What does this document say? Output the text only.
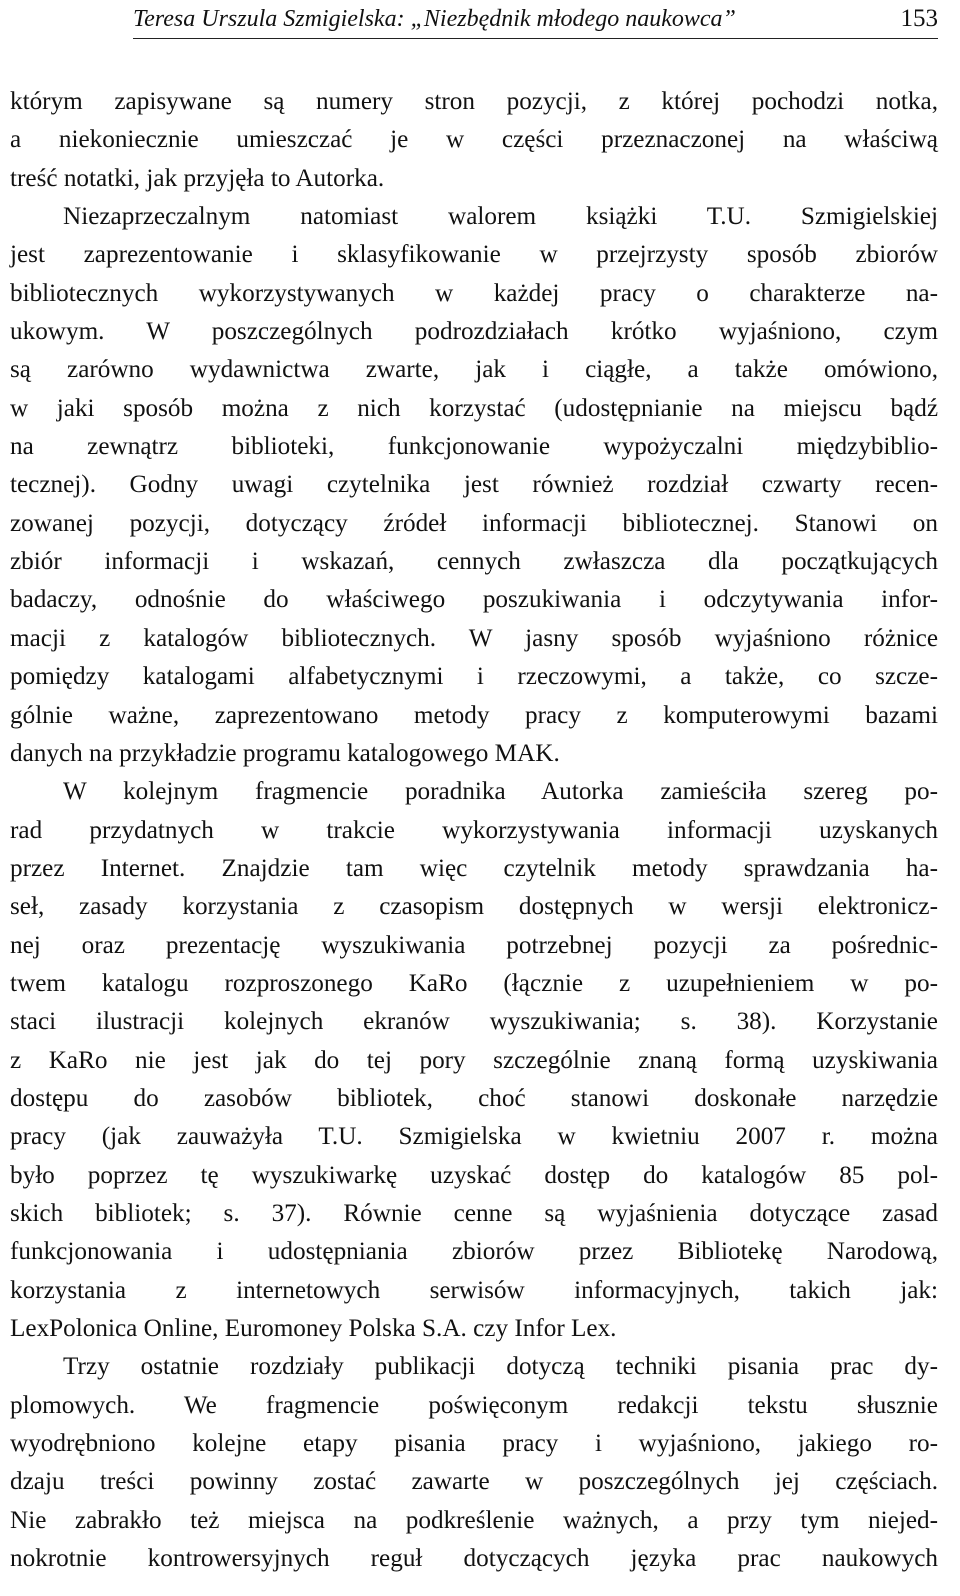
Teresa Urszula Szmigielska: „Niezbędnik młodego naukowca”	153

którym zapisywane są numery stron pozycji, z której pochodzi notka,
a niekoniecznie umieszczać je w części przeznaczonej na właściwą
treść notatki, jak przyjęła to Autorka.

Niezaprzeczalnym natomiast walorem książki T.U. Szmigielskiej
jest zaprezentowanie i sklasyfikowanie w przejrzysty sposób zbiorów
bibliotecznych wykorzystywanych w każdej pracy o charakterze na-
ukowym. W poszczególnych podrozdziałach krótko wyjaśniono, czym
są zarówno wydawnictwa zwarte, jak i ciągłe, a także omówiono,
w jaki sposób można z nich korzystać (udostępnianie na miejscu bądź
na zewnątrz biblioteki, funkcjonowanie wypożyczalni międzybiblio-
tecznej). Godny uwagi czytelnika jest również rozdział czwarty recen-
zowanej pozycji, dotyczący źródeł informacji bibliotecznej. Stanowi on
zbiór informacji i wskazań, cennych zwłaszcza dla początkujących
badaczy, odnośnie do właściwego poszukiwania i odczytywania infor-
macji z katalogów bibliotecznych. W jasny sposób wyjaśniono różnice
pomiędzy katalogami alfabetycznymi i rzeczowymi, a także, co szcze-
gólnie ważne, zaprezentowano metody pracy z komputerowymi bazami
danych na przykładzie programu katalogowego MAK.

W kolejnym fragmencie poradnika Autorka zamieściła szereg po-
rad przydatnych w trakcie wykorzystywania informacji uzyskanych
przez Internet. Znajdzie tam więc czytelnik metody sprawdzania ha-
seł, zasady korzystania z czasopism dostępnych w wersji elektronicz-
nej oraz prezentację wyszukiwania potrzebnej pozycji za pośrednic-
twem katalogu rozproszonego KaRo (łącznie z uzupełnieniem w po-
staci ilustracji kolejnych ekranów wyszukiwania; s. 38). Korzystanie
z KaRo nie jest jak do tej pory szczególnie znaną formą uzyskiwania
dostępu do zasobów bibliotek, choć stanowi doskonałe narzędzie
pracy (jak zauważyła T.U. Szmigielska w kwietniu 2007 r. można
było poprzez tę wyszukiwarkę uzyskać dostęp do katalogów 85 pol-
skich bibliotek; s. 37). Równie cenne są wyjaśnienia dotyczące zasad
funkcjonowania i udostępniania zbiorów przez Bibliotekę Narodową,
korzystania z internetowych serwisów informacyjnych, takich jak:
LexPolonica Online, Euromoney Polska S.A. czy Infor Lex.

Trzy ostatnie rozdziały publikacji dotyczą techniki pisania prac dy-
plomowych. We fragmencie poświęconym redakcji tekstu słusznie
wyodrębniono kolejne etapy pisania pracy i wyjaśniono, jakiego ro-
dzaju treści powinny zostać zawarte w poszczególnych jej częściach.
Nie zabrakło też miejsca na podkreślenie ważnych, a przy tym niejed-
nokrotnie kontrowersyjnych reguł dotyczących języka prac naukowych
